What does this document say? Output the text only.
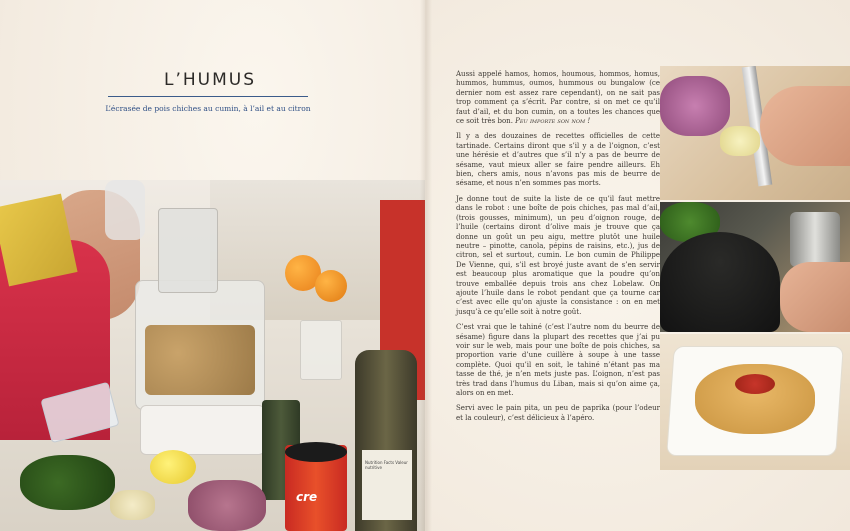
L’HUMUS
L’écrasée de pois chiches au cumin, à l’ail et au citron
Nutrition Facts Valeur nutritive
cre

Aussi appelé hamos, homos, houmous, hommos, homus, hummos, hummus, oumos, hummous ou bungalow (ce dernier nom est assez rare cependant), on ne sait pas trop comment ça s’écrit. Par contre, si on met ce qu’il faut d’ail, et du bon cumin, on a toutes les chances que ce soit très bon. Peu importe son nom !

Il y a des douzaines de recettes officielles de cette tartinade. Certains diront que s’il y a de l’oignon, c’est une hérésie et d’autres que s’il n’y a pas de beurre de sésame, vaut mieux aller se faire pendre ailleurs. Eh bien, chers amis, nous n’avons pas mis de beurre de sésame, et nous n’en sommes pas morts.

Je donne tout de suite la liste de ce qu’il faut mettre dans le robot : une boîte de pois chiches, pas mal d’ail, (trois gousses, minimum), un peu d’oignon rouge, de l’huile (certains diront d’olive mais je trouve que ça donne un goût un peu aigu, mettre plutôt une huile neutre – pinotte, canola, pépins de raisins, etc.), jus de citron, sel et surtout, cumin. Le bon cumin de Philippe De Vienne, qui, s’il est broyé juste avant de s’en servir est beaucoup plus aromatique que la poudre qu’on trouve emballée depuis trois ans chez Lobelaw. On ajoute l’huile dans le robot pendant que ça tourne car c’est avec elle qu’on ajuste la consistance : on en met jusqu’à ce qu’elle soit à notre goût.

C’est vrai que le tahiné (c’est l’autre nom du beurre de sésame) figure dans la plupart des recettes que j’ai pu voir sur le web, mais pour une boîte de pois chiches, sa proportion varie d’une cuillère à soupe à une tasse complète. Quoi qu’il en soit, le tahiné n’étant pas ma tasse de thé, je n’en mets juste pas. L’oignon, n’est pas très trad dans l’humus du Liban, mais si qu’on aime ça, alors on en met.

Servi avec le pain pita, un peu de paprika (pour l’odeur et la couleur), c’est délicieux à l’apéro.
